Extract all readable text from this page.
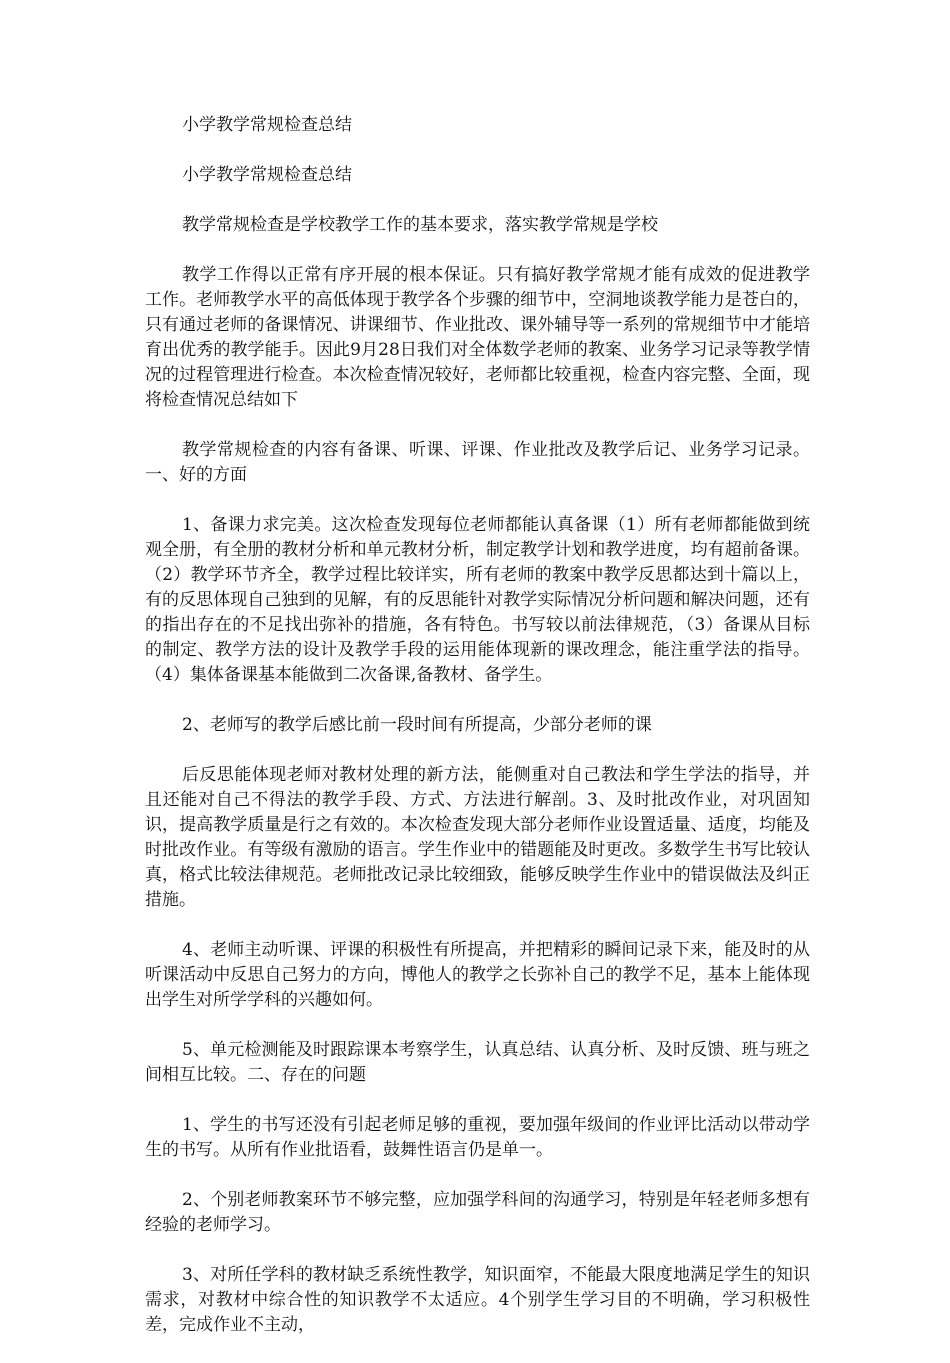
小学教学常规检查总结

小学教学常规检查总结

教学常规检查是学校教学工作的基本要求，落实教学常规是学校

教学工作得以正常有序开展的根本保证。只有搞好教学常规才能有成效的促进教学工作。老师教学水平的高低体现于教学各个步骤的细节中，空洞地谈教学能力是苍白的，只有通过老师的备课情况、讲课细节、作业批改、课外辅导等一系列的常规细节中才能培育出优秀的教学能手。因此9月28日我们对全体数学老师的教案、业务学习记录等教学情况的过程管理进行检查。本次检查情况较好，老师都比较重视，检查内容完整、全面，现将检查情况总结如下

教学常规检查的内容有备课、听课、评课、作业批改及教学后记、业务学习记录。一、好的方面

1、备课力求完美。这次检查发现每位老师都能认真备课（1）所有老师都能做到统观全册，有全册的教材分析和单元教材分析，制定教学计划和教学进度，均有超前备课。（2）教学环节齐全，教学过程比较详实，所有老师的教案中教学反思都达到十篇以上，有的反思体现自己独到的见解，有的反思能针对教学实际情况分析问题和解决问题，还有的指出存在的不足找出弥补的措施，各有特色。书写较以前法律规范，（3）备课从目标的制定、教学方法的设计及教学手段的运用能体现新的课改理念，能注重学法的指导。（4）集体备课基本能做到二次备课,备教材、备学生。

2、老师写的教学后感比前一段时间有所提高，少部分老师的课

后反思能体现老师对教材处理的新方法，能侧重对自己教法和学生学法的指导，并且还能对自己不得法的教学手段、方式、方法进行解剖。3、及时批改作业，对巩固知识，提高教学质量是行之有效的。本次检查发现大部分老师作业设置适量、适度，均能及时批改作业。有等级有激励的语言。学生作业中的错题能及时更改。多数学生书写比较认真，格式比较法律规范。老师批改记录比较细致，能够反映学生作业中的错误做法及纠正措施。

4、老师主动听课、评课的积极性有所提高，并把精彩的瞬间记录下来，能及时的从听课活动中反思自己努力的方向，博他人的教学之长弥补自己的教学不足，基本上能体现出学生对所学学科的兴趣如何。

5、单元检测能及时跟踪课本考察学生，认真总结、认真分析、及时反馈、班与班之间相互比较。二、存在的问题

1、学生的书写还没有引起老师足够的重视，要加强年级间的作业评比活动以带动学生的书写。从所有作业批语看，鼓舞性语言仍是单一。

2、个别老师教案环节不够完整，应加强学科间的沟通学习，特别是年轻老师多想有经验的老师学习。

3、对所任学科的教材缺乏系统性教学，知识面窄，不能最大限度地满足学生的知识需求，对教材中综合性的知识教学不太适应。4个别学生学习目的不明确，学习积极性差，完成作业不主动，
